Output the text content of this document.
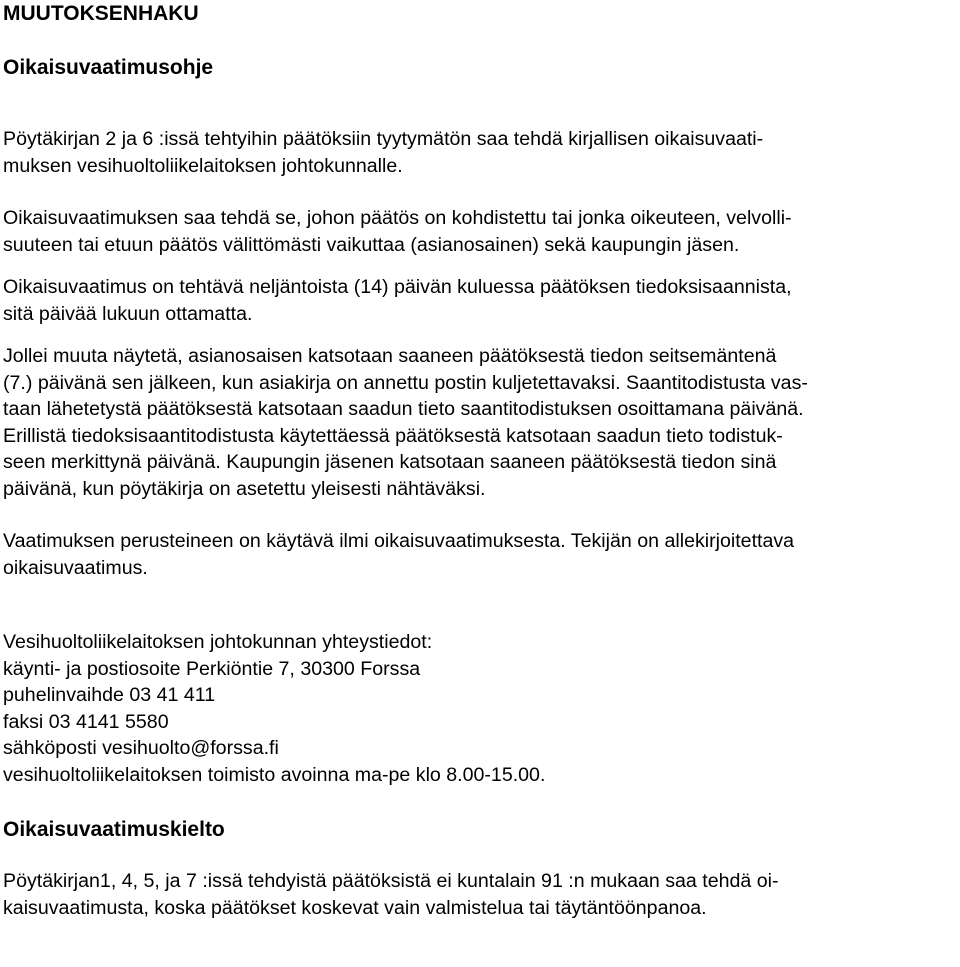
MUUTOKSENHAKU
Oikaisuvaatimusohje

Pöytäkirjan 2 ja 6 :issä tehtyihin päätöksiin tyytymätön saa tehdä kirjallisen oikaisuvaati-
muksen vesihuoltoliikelaitoksen johtokunnalle.

Oikaisuvaatimuksen saa tehdä se, johon päätös on kohdistettu tai jonka oikeuteen, velvolli-
suuteen tai etuun päätös välittömästi vaikuttaa (asianosainen) sekä kaupungin jäsen.

Oikaisuvaatimus on tehtävä neljäntoista (14) päivän kuluessa päätöksen tiedoksisaannista,
sitä päivää lukuun ottamatta.

Jollei muuta näytetä, asianosaisen katsotaan saaneen päätöksestä tiedon seitsemäntenä
(7.) päivänä sen jälkeen, kun asiakirja on annettu postin kuljetettavaksi. Saantitodistusta vas-
taan lähetetystä päätöksestä katsotaan saadun tieto saantitodistuksen osoittamana päivänä.
Erillistä tiedoksisaantitodistusta käytettäessä päätöksestä katsotaan saadun tieto todistuk-
seen merkittynä päivänä. Kaupungin jäsenen katsotaan saaneen päätöksestä tiedon sinä
päivänä, kun pöytäkirja on asetettu yleisesti nähtäväksi.

Vaatimuksen perusteineen on käytävä ilmi oikaisuvaatimuksesta. Tekijän on allekirjoitettava
oikaisuvaatimus.

Vesihuoltoliikelaitoksen johtokunnan yhteystiedot:
käynti- ja postiosoite Perkiöntie 7, 30300 Forssa
puhelinvaihde 03 41 411
faksi 03 4141 5580
sähköposti vesihuolto@forssa.fi
vesihuoltoliikelaitoksen toimisto avoinna ma-pe klo 8.00-15.00.

Oikaisuvaatimuskielto

Pöytäkirjan1, 4, 5, ja 7 :issä tehdyistä päätöksistä ei kuntalain 91 :n mukaan saa tehdä oi-
kaisuvaatimusta, koska päätökset koskevat vain valmistelua tai täytäntöönpanoa.
